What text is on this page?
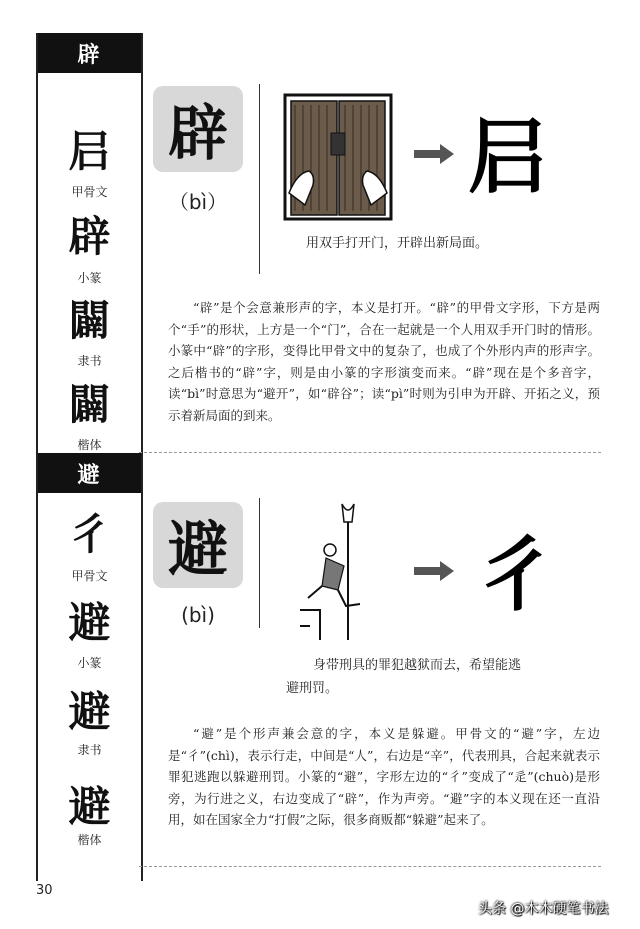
辟
𡰪
甲骨文
辟
小篆
闢
隶书
闢
楷体
避
彳
甲骨文
避
小篆
避
隶书
避
楷体
辟
（bì）	𡰪
用双手打开门，开辟出新局面。
“辟”是个会意兼形声的字，本义是打开。“辟”的甲骨文字形，下方是两个“手”的形状，上方是一个“门”，合在一起就是一个人用双手开门时的情形。小篆中“辟”的字形，变得比甲骨文中的复杂了，也成了个外形内声的形声字。之后楷书的“辟”字，则是由小篆的字形演变而来。“辟”现在是个多音字，读“bì”时意思为“避开”，如“辟谷”；读“pì”时则为引申为开辟、开拓之义，预示着新局面的到来。
避
(bì)	彳
身带刑具的罪犯越狱而去，希望能逃
避刑罚。
“避”是个形声兼会意的字，本义是躲避。甲骨文的“避”字，左边是“彳”(chì)，表示行走，中间是“人”，右边是“辛”，代表刑具，合起来就表示罪犯逃跑以躲避刑罚。小篆的“避”，字形左边的“彳”变成了“辵”(chuò)是形旁，为行进之义，右边变成了“辟”，作为声旁。“避”字的本义现在还一直沿用，如在国家全力“打假”之际，很多商贩都“躲避”起来了。
30
头条 @木木硬笔书法
